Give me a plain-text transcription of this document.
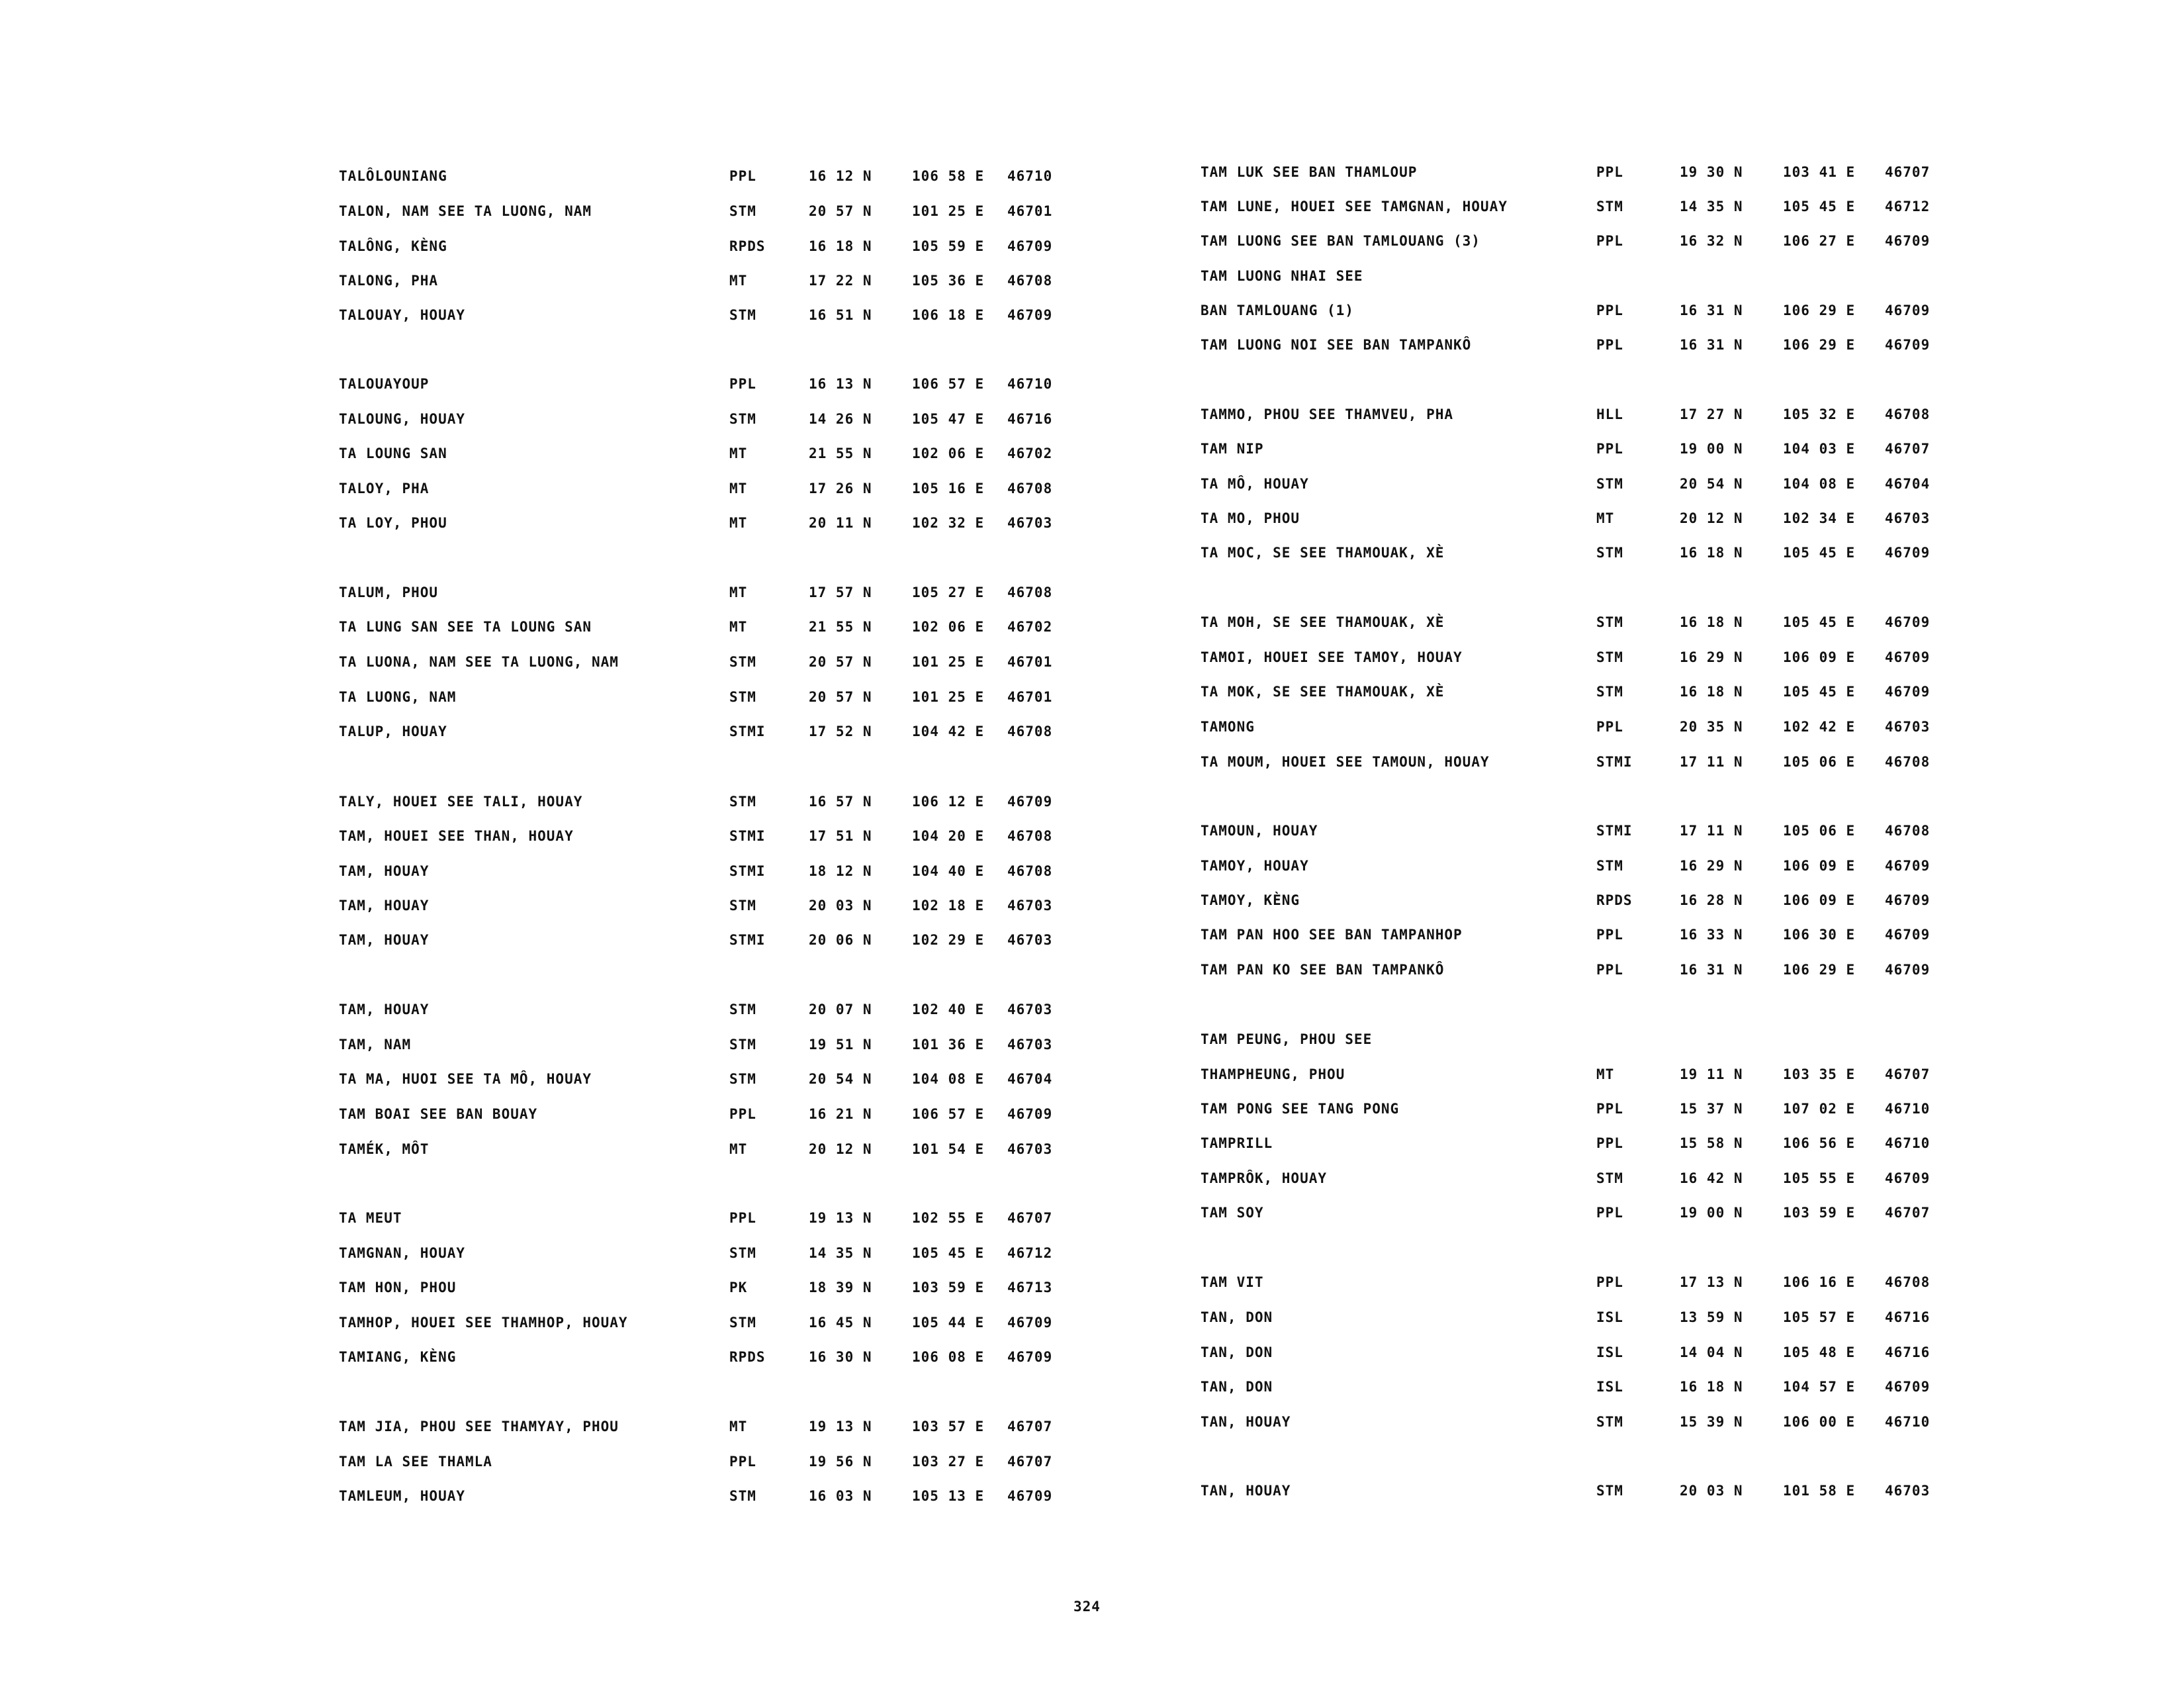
TALÔLOUNIANG	PPL	16 12 N	106 58 E 46710
TALON, NAM SEE TA LUONG, NAM	STM	20 57 N	101 25 E 46701
TALÔNG, KÈNG	RPDS	16 18 N	105 59 E 46709
TALONG, PHA	MT	17 22 N	105 36 E 46708
TALOUAY, HOUAY	STM	16 51 N	106 18 E 46709
TALOUAYOUP	PPL	16 13 N	106 57 E 46710
TALOUNG, HOUAY	STM	14 26 N	105 47 E 46716
TA LOUNG SAN	MT	21 55 N	102 06 E 46702
TALOY, PHA	MT	17 26 N	105 16 E 46708
TA LOY, PHOU	MT	20 11 N	102 32 E 46703
TALUM, PHOU	MT	17 57 N	105 27 E 46708
TA LUNG SAN SEE TA LOUNG SAN	MT	21 55 N	102 06 E 46702
TA LUONA, NAM SEE TA LUONG, NAM	STM	20 57 N	101 25 E 46701
TA LUONG, NAM	STM	20 57 N	101 25 E 46701
TALUP, HOUAY	STMI	17 52 N	104 42 E 46708
TALY, HOUEI SEE TALI, HOUAY	STM	16 57 N	106 12 E 46709
TAM, HOUEI SEE THAN, HOUAY	STMI	17 51 N	104 20 E 46708
TAM, HOUAY	STMI	18 12 N	104 40 E 46708
TAM, HOUAY	STM	20 03 N	102 18 E 46703
TAM, HOUAY	STMI	20 06 N	102 29 E 46703
TAM, HOUAY	STM	20 07 N	102 40 E 46703
TAM, NAM	STM	19 51 N	101 36 E 46703
TA MA, HUOI SEE TA MÔ, HOUAY	STM	20 54 N	104 08 E 46704
TAM BOAI SEE BAN BOUAY	PPL	16 21 N	106 57 E 46709
TAMÉK, MÔT	MT	20 12 N	101 54 E 46703
TA MEUT	PPL	19 13 N	102 55 E 46707
TAMGNAN, HOUAY	STM	14 35 N	105 45 E 46712
TAM HON, PHOU	PK	18 39 N	103 59 E 46713
TAMHOP, HOUEI SEE THAMHOP, HOUAY	STM	16 45 N	105 44 E 46709
TAMIANG, KÈNG	RPDS	16 30 N	106 08 E 46709
TAM JIA, PHOU SEE THAMYAY, PHOU	MT	19 13 N	103 57 E 46707
TAM LA SEE THAMLA	PPL	19 56 N	103 27 E 46707
TAMLEUM, HOUAY	STM	16 03 N	105 13 E 46709
TAM LUK SEE BAN THAMLOUP	PPL	19 30 N	103 41 E 46707
TAM LUNE, HOUEI SEE TAMGNAN, HOUAY	STM	14 35 N	105 45 E 46712
TAM LUONG SEE BAN TAMLOUANG (3)	PPL	16 32 N	106 27 E 46709
TAM LUONG NHAI SEE
BAN TAMLOUANG (1)	PPL	16 31 N	106 29 E 46709
TAM LUONG NOI SEE BAN TAMPANKÔ	PPL	16 31 N	106 29 E 46709
TAMMO, PHOU SEE THAMVEU, PHA	HLL	17 27 N	105 32 E 46708
TAM NIP	PPL	19 00 N	104 03 E 46707
TA MÔ, HOUAY	STM	20 54 N	104 08 E 46704
TA MO, PHOU	MT	20 12 N	102 34 E 46703
TA MOC, SE SEE THAMOUAK, XÈ	STM	16 18 N	105 45 E 46709
TA MOH, SE SEE THAMOUAK, XÈ	STM	16 18 N	105 45 E 46709
TAMOI, HOUEI SEE TAMOY, HOUAY	STM	16 29 N	106 09 E 46709
TA MOK, SE SEE THAMOUAK, XÈ	STM	16 18 N	105 45 E 46709
TAMONG	PPL	20 35 N	102 42 E 46703
TA MOUM, HOUEI SEE TAMOUN, HOUAY	STMI	17 11 N	105 06 E 46708
TAMOUN, HOUAY	STMI	17 11 N	105 06 E 46708
TAMOY, HOUAY	STM	16 29 N	106 09 E 46709
TAMOY, KÈNG	RPDS	16 28 N	106 09 E 46709
TAM PAN HOO SEE BAN TAMPANHOP	PPL	16 33 N	106 30 E 46709
TAM PAN KO SEE BAN TAMPANKÔ	PPL	16 31 N	106 29 E 46709
TAM PEUNG, PHOU SEE
THAMPHEUNG, PHOU	MT	19 11 N	103 35 E 46707
TAM PONG SEE TANG PONG	PPL	15 37 N	107 02 E 46710
TAMPRILL	PPL	15 58 N	106 56 E 46710
TAMPRÔK, HOUAY	STM	16 42 N	105 55 E 46709
TAM SOY	PPL	19 00 N	103 59 E 46707
TAM VIT	PPL	17 13 N	106 16 E 46708
TAN, DON	ISL	13 59 N	105 57 E 46716
TAN, DON	ISL	14 04 N	105 48 E 46716
TAN, DON	ISL	16 18 N	104 57 E 46709
TAN, HOUAY	STM	15 39 N	106 00 E 46710
TAN, HOUAY	STM	20 03 N	101 58 E 46703
324
